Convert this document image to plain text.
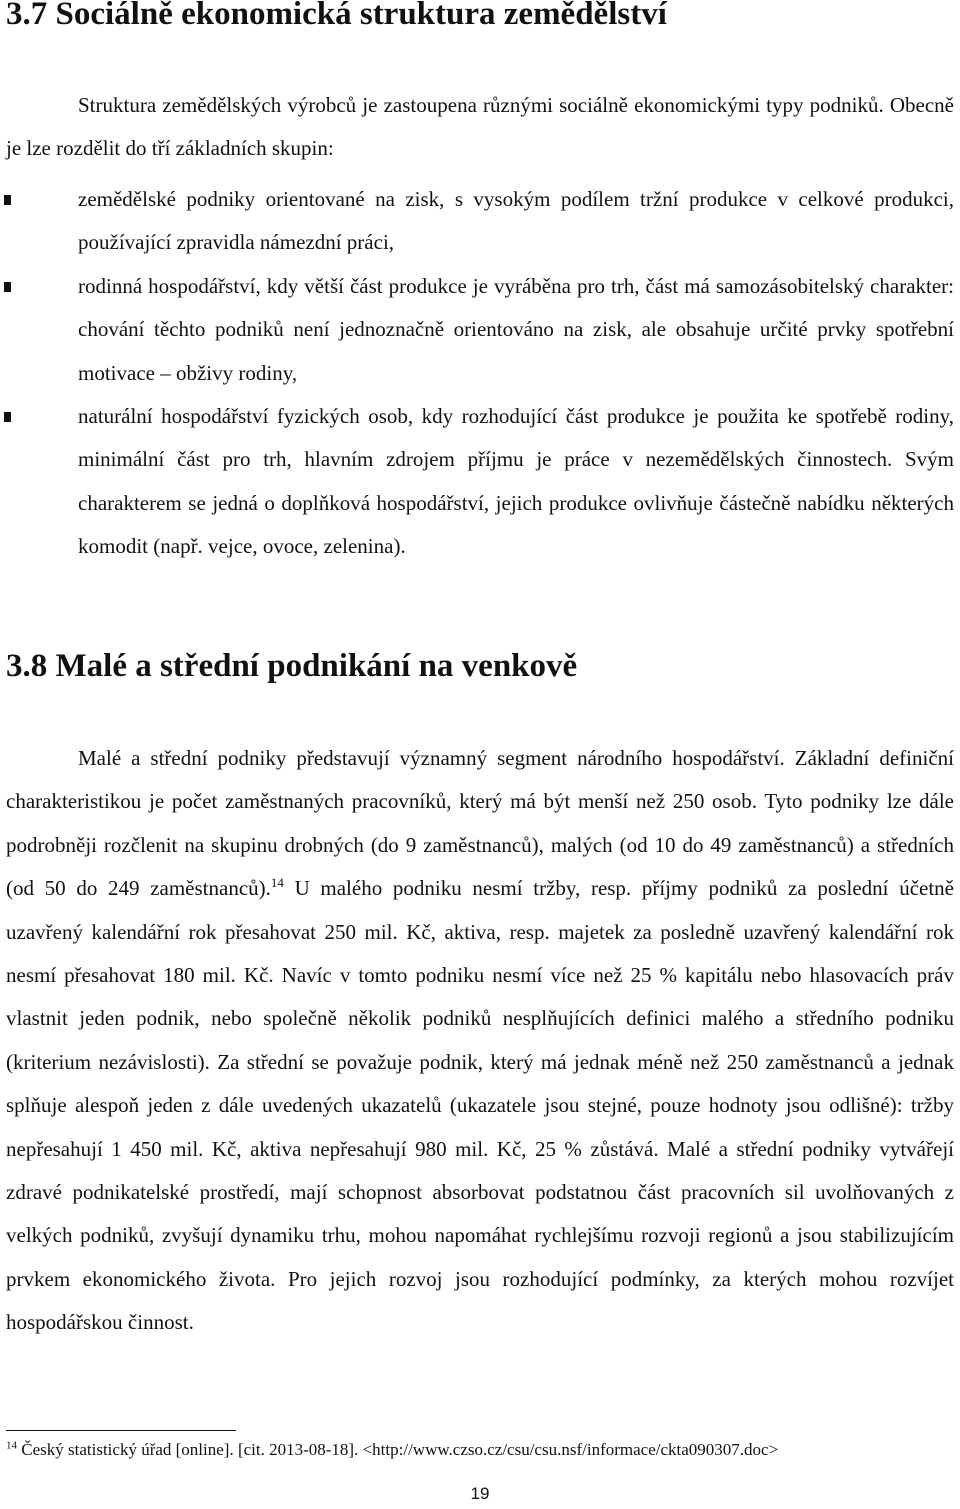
3.7 Sociálně ekonomická struktura zemědělství

Struktura zemědělských výrobců je zastoupena různými sociálně ekonomickými typy podniků. Obecně je lze rozdělit do tří základních skupin:

zemědělské podniky orientované na zisk, s vysokým podílem tržní produkce v celkové produkci, používající zpravidla námezdní práci,
rodinná hospodářství, kdy větší část produkce je vyráběna pro trh, část má samozásobitelský charakter: chování těchto podniků není jednoznačně orientováno na zisk, ale obsahuje určité prvky spotřební motivace – obživy rodiny,
naturální hospodářství fyzických osob, kdy rozhodující část produkce je použita ke spotřebě rodiny, minimální část pro trh, hlavním zdrojem příjmu je práce v nezemědělských činnostech. Svým charakterem se jedná o doplňková hospodářství, jejich produkce ovlivňuje částečně nabídku některých komodit (např. vejce, ovoce, zelenina).
3.8 Malé a střední podnikání na venkově

Malé a střední podniky představují významný segment národního hospodářství. Základní definiční charakteristikou je počet zaměstnaných pracovníků, který má být menší než 250 osob. Tyto podniky lze dále podrobněji rozčlenit na skupinu drobných (do 9 zaměstnanců), malých (od 10 do 49 zaměstnanců) a středních (od 50 do 249 zaměstnanců).$^{14}$ U malého podniku nesmí tržby, resp. příjmy podniků za poslední účetně uzavřený kalendářní rok přesahovat 250 mil. Kč, aktiva, resp. majetek za posledně uzavřený kalendářní rok nesmí přesahovat 180 mil. Kč. Navíc v tomto podniku nesmí více než 25 % kapitálu nebo hlasovacích práv vlastnit jeden podnik, nebo společně několik podniků nesplňujících definici malého a středního podniku (kriterium nezávislosti). Za střední se považuje podnik, který má jednak méně než 250 zaměstnanců a jednak splňuje alespoň jeden z dále uvedených ukazatelů (ukazatele jsou stejné, pouze hodnoty jsou odlišné): tržby nepřesahují 1 450 mil. Kč, aktiva nepřesahují 980 mil. Kč, 25 % zůstává. Malé a střední podniky vytvářejí zdravé podnikatelské prostředí, mají schopnost absorbovat podstatnou část pracovních sil uvolňovaných z velkých podniků, zvyšují dynamiku trhu, mohou napomáhat rychlejšímu rozvoji regionů a jsou stabilizujícím prvkem ekonomického života. Pro jejich rozvoj jsou rozhodující podmínky, za kterých mohou rozvíjet hospodářskou činnost.

$^{14}$ Český statistický úřad [online]. [cit. 2013-08-18]. <http://www.czso.cz/csu/csu.nsf/informace/ckta090307.doc>
19
